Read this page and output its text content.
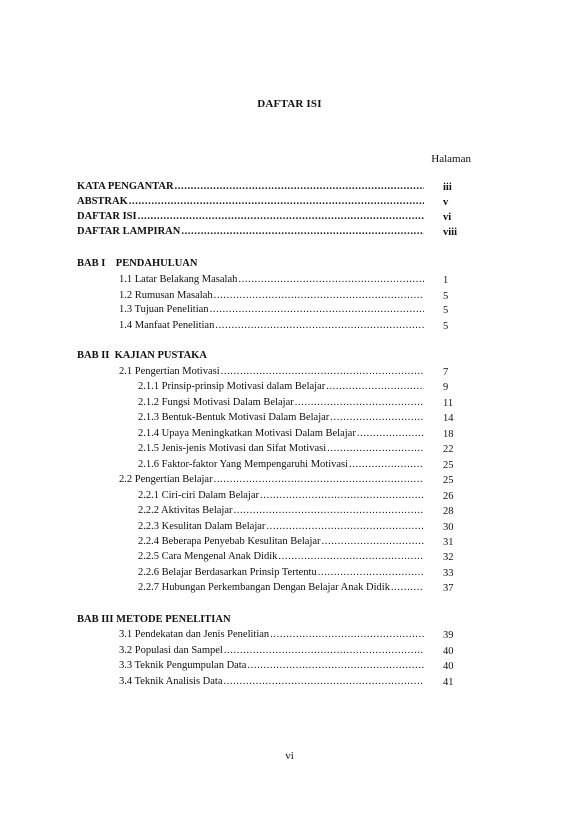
DAFTAR ISI
Halaman
KATA PENGANTAR .....	iii
ABSTRAK .....	v
DAFTAR ISI .....	vi
DAFTAR LAMPIRAN .....	viii
BAB I    PENDAHULUAN
1.1 Latar Belakang Masalah .....	1
1.2 Rumusan Masalah .....	5
1.3 Tujuan Penelitian .....	5
1.4 Manfaat Penelitian .....	5
BAB II  KAJIAN PUSTAKA
2.1 Pengertian Motivasi .....	7
2.1.1 Prinsip-prinsip Motivasi dalam Belajar .....	9
2.1.2 Fungsi Motivasi Dalam Belajar .....	11
2.1.3 Bentuk-Bentuk Motivasi Dalam Belajar .....	14
2.1.4 Upaya Meningkatkan Motivasi Dalam Belajar .....	18
2.1.5 Jenis-jenis Motivasi dan Sifat Motivasi .....	22
2.1.6 Faktor-faktor Yang Mempengaruhi Motivasi .....	25
2.2 Pengertian Belajar .....	25
2.2.1 Ciri-ciri Dalam Belajar .....	26
2.2.2 Aktivitas Belajar .....	28
2.2.3 Kesulitan Dalam Belajar .....	30
2.2.4 Beberapa Penyebab Kesulitan Belajar .....	31
2.2.5 Cara Mengenal Anak Didik .....	32
2.2.6 Belajar Berdasarkan Prinsip Tertentu .....	33
2.2.7 Hubungan Perkembangan Dengan Belajar Anak Didik .....	37
BAB III METODE PENELITIAN
3.1 Pendekatan dan Jenis Penelitian .....	39
3.2 Populasi dan Sampel .....	40
3.3 Teknik Pengumpulan Data .....	40
3.4 Teknik Analisis Data .....	41
vi
